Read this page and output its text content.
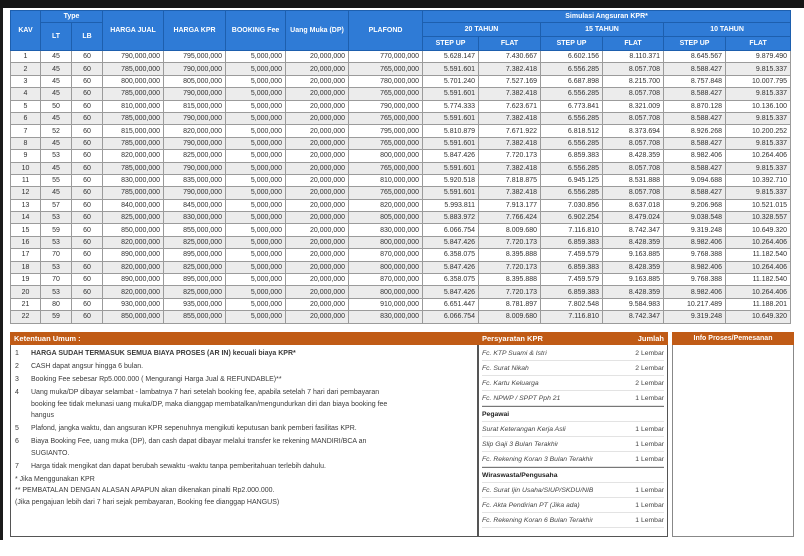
KAV	Type		HARGA JUAL	HARGA KPR	BOOKING Fee	Uang Muka (DP)	PLAFOND	Simulasi Angsuran KPR*					
	LT	LB						20 TAHUN		15 TAHUN		10 TAHUN	
								STEP UP	FLAT	STEP UP	FLAT	STEP UP	FLAT
1	45	60	790,000,000	795,000,000	5,000,000	20,000,000	770,000,000	5.628.147	7.430.667	6.602.156	8.110.371	8.645.567	9.879.490
2	45	60	785,000,000	790,000,000	5,000,000	20,000,000	765,000,000	5.591.601	7.382.418	6.556.285	8.057.708	8.588.427	9.815.337
3	45	60	800,000,000	805,000,000	5,000,000	20,000,000	780,000,000	5.701.240	7.527.169	6.687.898	8.215.700	8.757.848	10.007.795
4	45	60	785,000,000	790,000,000	5,000,000	20,000,000	765,000,000	5.591.601	7.382.418	6.556.285	8.057.708	8.588.427	9.815.337
5	50	60	810,000,000	815,000,000	5,000,000	20,000,000	790,000,000	5.774.333	7.623.671	6.773.841	8.321.009	8.870.128	10.136.100
6	45	60	785,000,000	790,000,000	5,000,000	20,000,000	765,000,000	5.591.601	7.382.418	6.556.285	8.057.708	8.588.427	9.815.337
7	52	60	815,000,000	820,000,000	5,000,000	20,000,000	795,000,000	5.810.879	7.671.922	6.818.512	8.373.694	8.926.268	10.200.252
8	45	60	785,000,000	790,000,000	5,000,000	20,000,000	765,000,000	5.591.601	7.382.418	6.556.285	8.057.708	8.588.427	9.815.337
9	53	60	820,000,000	825,000,000	5,000,000	20,000,000	800,000,000	5.847.426	7.720.173	6.859.383	8.428.359	8.982.406	10.264.406
10	45	60	785,000,000	790,000,000	5,000,000	20,000,000	765,000,000	5.591.601	7.382.418	6.556.285	8.057.708	8.588.427	9.815.337
11	55	60	830,000,000	835,000,000	5,000,000	20,000,000	810,000,000	5.920.518	7.818.875	6.945.125	8.531.888	9.094.688	10.392.710
12	45	60	785,000,000	790,000,000	5,000,000	20,000,000	765,000,000	5.591.601	7.382.418	6.556.285	8.057.708	8.588.427	9.815.337
13	57	60	840,000,000	845,000,000	5,000,000	20,000,000	820,000,000	5.993.811	7.913.177	7.030.856	8.637.018	9.206.968	10.521.015
14	53	60	825,000,000	830,000,000	5,000,000	20,000,000	805,000,000	5.883.972	7.766.424	6.902.254	8.479.024	9.038.548	10.328.557
15	59	60	850,000,000	855,000,000	5,000,000	20,000,000	830,000,000	6.066.754	8.009.680	7.116.810	8.742.347	9.319.248	10.649.320
16	53	60	820,000,000	825,000,000	5,000,000	20,000,000	800,000,000	5.847.426	7.720.173	6.859.383	8.428.359	8.982.406	10.264.406
17	70	60	890,000,000	895,000,000	5,000,000	20,000,000	870,000,000	6.358.075	8.395.888	7.459.579	9.163.885	9.768.388	11.182.540
18	53	60	820,000,000	825,000,000	5,000,000	20,000,000	800,000,000	5.847.426	7.720.173	6.859.383	8.428.359	8.982.406	10.264.406
19	70	60	890,000,000	895,000,000	5,000,000	20,000,000	870,000,000	6.358.075	8.395.888	7.459.579	9.163.885	9.768.388	11.182.540
20	53	60	820,000,000	825,000,000	5,000,000	20,000,000	800,000,000	5.847.426	7.720.173	6.859.383	8.428.359	8.982.406	10.264.406
21	80	60	930,000,000	935,000,000	5,000,000	20,000,000	910,000,000	6.651.447	8.781.897	7.802.548	9.584.983	10.217.489	11.188.201
22	59	60	850,000,000	855,000,000	5,000,000	20,000,000	830,000,000	6.066.754	8.009.680	7.116.810	8.742.347	9.319.248	10.649.320
Ketentuan Umum :
1	HARGA SUDAH TERMASUK SEMUA BIAYA PROSES (AR IN) kecuali biaya KPR*
2	CASH dapat angsur hingga 6 bulan.
3	Booking Fee sebesar Rp5.000.000 ( Mengurangi Harga Jual & REFUNDABLE)**
4	Uang muka/DP dibayar selambat - lambatnya 7 hari setelah booking fee, apabila setelah 7 hari dari pembayaran booking fee tidak melunasi uang muka/DP, maka dianggap membatalkan/mengundurkan diri dan biaya booking fee hangus
5	Plafond, jangka waktu, dan angsuran KPR sepenuhnya mengikuti keputusan bank pemberi fasilitas KPR.
6	Biaya Booking Fee, uang muka (DP), dan cash dapat dibayar melalui transfer ke rekening MANDIRI/BCA an SUGIANTO.
7	Harga tidak mengikat dan dapat berubah sewaktu -waktu tanpa pemberitahuan terlebih dahulu.
* Jika Menggunakan KPR
** PEMBATALAN DENGAN ALASAN APAPUN akan dikenakan pinalti Rp2.000.000.
(Jika pengajuan lebih dari 7 hari sejak pembayaran, Booking fee dianggap HANGUS)
Persyaratan KPR	Jumlah
Fc. KTP Suami & Istri	2 Lembar
Fc. Surat Nikah	2 Lembar
Fc. Kartu Keluarga	2 Lembar
Fc. NPWP / SPPT Pph 21	1 Lembar
Pegawai
Surat Keterangan Kerja Asli	1 Lembar
Slip Gaji 3 Bulan Terakhir	1 Lembar
Fc. Rekening Koran 3 Bulan Terakhir	1 Lembar
Wiraswasta/Pengusaha
Fc. Surat Ijin Usaha/SIUP/SKDU/NIB	1 Lembar
Fc. Akta Pendirian PT (Jika ada)	1 Lembar
Fc. Rekening Koran 6 Bulan Terakhir	1 Lembar
Info Proses/Pemesanan
